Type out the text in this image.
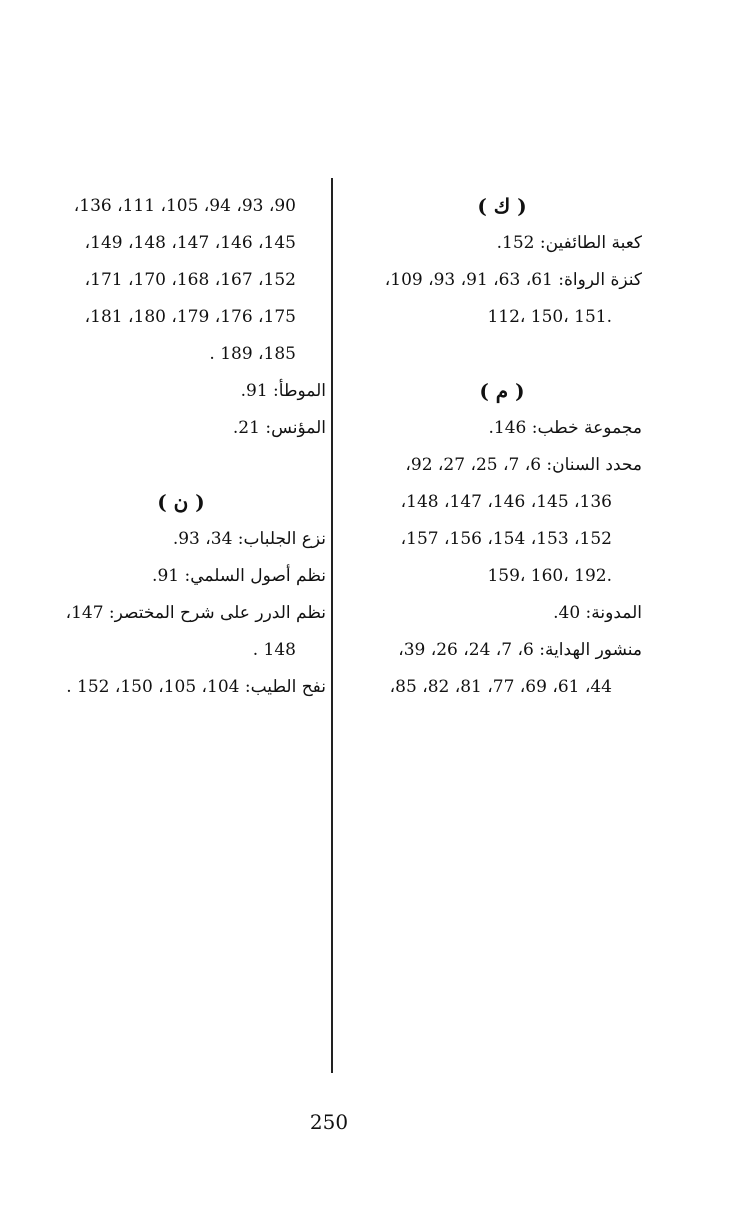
( ك )
كعبة الطائفين: 152.
كنزة الرواة: 61، 63، 91، 93، 109،
.151 ،150 ،112
( م )
مجموعة خطب: 146.
محدد السنان: 6، 7، 25، 27، 92،
136، 145، 146، 147، 148،
152، 153، 154، 156، 157،
.192 ،160 ،159
المدونة: 40.
منشور الهداية: 6، 7، 24، 26، 39،
44، 61، 69، 77، 81، 82، 85،
90، 93، 94، 105، 111، 136،
145، 146، 147، 148، 149،
152، 167، 168، 170، 171،
175، 176، 179، 180، 181،
185، 189 .
الموطأ: 91.
المؤنس: 21.
( ن )
نزع الجلباب: 34، 93.
نظم أصول السلمي: 91.
نظم الدرر على شرح المختصر: 147،
148 .
نفح الطيب: 104، 105، 150، 152 .
250
